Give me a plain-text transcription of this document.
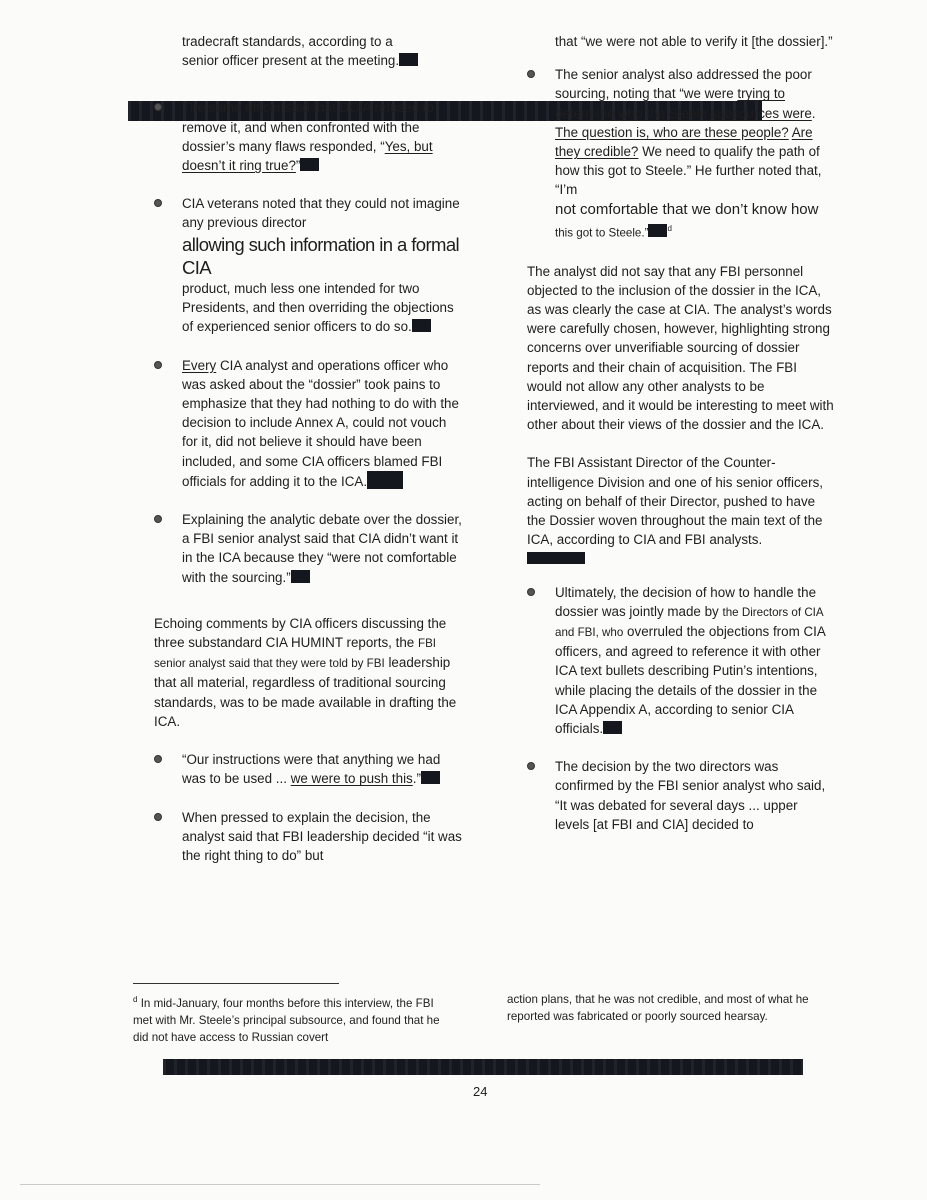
tradecraft standards, according to a
senior officer present at the meeting.

The same officer said that DCIA refused to remove it, and when confronted with the dossier’s many flaws responded, “Yes, but doesn’t it ring true?”
CIA veterans noted that they could not imagine any previous director
allowing such information in a formal CIA
product, much less one intended for two Presidents, and then overriding the objections of experienced senior officers to do so.
Every CIA analyst and operations officer who was asked about the “dossier” took pains to emphasize that they had nothing to do with the decision to include Annex A, could not vouch for it, did not believe it should have been included, and some CIA officers blamed FBI officials for adding it to the ICA.
Explaining the analytic debate over the dossier, a FBI senior analyst said that CIA didn’t want it in the ICA because they “were not comfortable with the sourcing.”

Echoing comments by CIA officers discussing the three substandard CIA HUMINT reports, the FBI senior analyst said that they were told by FBI leadership that all material, regardless of traditional sourcing standards, was to be made available in drafting the ICA.

“Our instructions were that anything we had was to be used ... we were to push this.”
When pressed to explain the decision, the analyst said that FBI leadership decided “it was the right thing to do” but

that “we were not able to verify it [the dossier].”

The senior analyst also addressed the poor sourcing, noting that “we were trying to determine who the Steele subsources were. The question is, who are these people? Are they credible? We need to qualify the path of how this got to Steele.” He further noted that, “I’m
not comfortable that we don’t know how
this got to Steele.” $^d$

The analyst did not say that any FBI personnel objected to the inclusion of the dossier in the ICA, as was clearly the case at CIA. The analyst’s words were carefully chosen, however, highlighting strong concerns over unverifiable sourcing of dossier reports and their chain of acquisition. The FBI would not allow any other analysts to be interviewed, and it would be interesting to meet with other about their views of the dossier and the ICA.

The FBI Assistant Director of the Counter-intelligence Division and one of his senior officers, acting on behalf of their Director, pushed to have the Dossier woven throughout the main text of the ICA, according to CIA and FBI analysts.

Ultimately, the decision of how to handle the dossier was jointly made by the Directors of CIA and FBI, who overruled the objections from CIA officers, and agreed to reference it with other ICA text bullets describing Putin’s intentions, while placing the details of the dossier in the ICA Appendix A, according to senior CIA officials.
The decision by the two directors was confirmed by the FBI senior analyst who said, “It was debated for several days ... upper levels [at FBI and CIA] decided to
$^d$ In mid-January, four months before this interview, the FBI met with Mr. Steele’s principal subsource, and found that he did not have access to Russian covert
action plans, that he was not credible, and most of what he reported was fabricated or poorly sourced hearsay.
24
